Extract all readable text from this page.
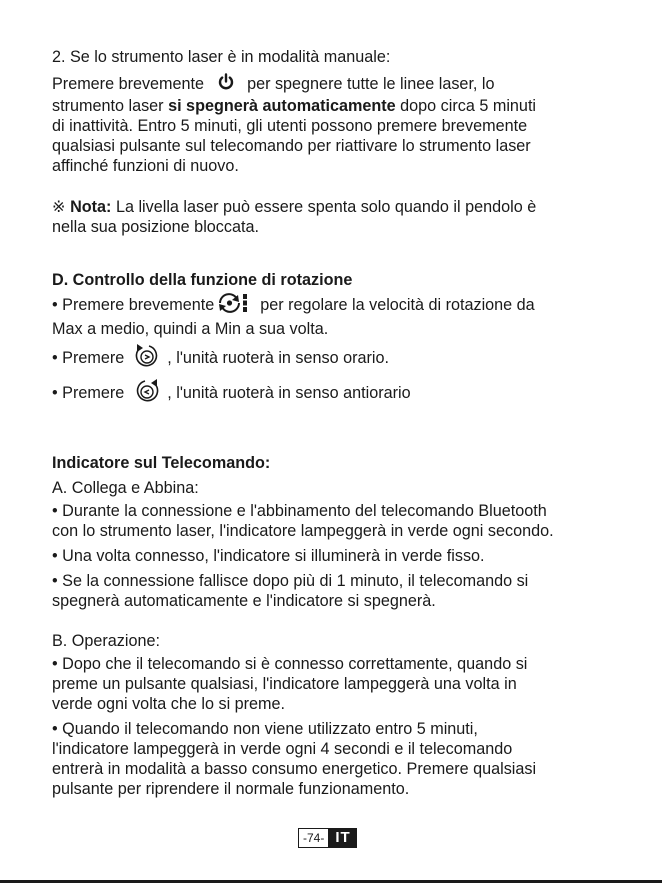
2. Se lo strumento laser è in modalità manuale:

Premere brevemente	per spegnere tutte le linee laser, lo

strumento laser si spegnerà automaticamente dopo circa 5 minuti

di inattività. Entro 5 minuti, gli utenti possono premere brevemente

qualsiasi pulsante sul telecomando per riattivare lo strumento laser

affinché funzioni di nuovo.

※ Nota: La livella laser può essere spenta solo quando il pendolo è

nella sua posizione bloccata.

D. Controllo della funzione di rotazione

• Premere brevemente	per regolare la velocità di rotazione da

Max a medio, quindi a Min a sua volta.

• Premere	, l'unità ruoterà in senso orario.

• Premere	, l'unità ruoterà in senso antiorario

Indicatore sul Telecomando:

A. Collega e Abbina:

• Durante la connessione e l'abbinamento del telecomando Bluetooth

con lo strumento laser, l'indicatore lampeggerà in verde ogni secondo.

• Una volta connesso, l'indicatore si illuminerà in verde fisso.

• Se la connessione fallisce dopo più di 1 minuto, il telecomando si

spegnerà automaticamente e l'indicatore si spegnerà.

B. Operazione:

• Dopo che il telecomando si è connesso correttamente, quando si

preme un pulsante qualsiasi, l'indicatore lampeggerà una volta in

verde ogni volta che lo si preme.

• Quando il telecomando non viene utilizzato entro 5 minuti,

l'indicatore lampeggerà in verde ogni 4 secondi e il telecomando

entrerà in modalità a basso consumo energetico. Premere qualsiasi

pulsante per riprendere il normale funzionamento.

-74- IT
